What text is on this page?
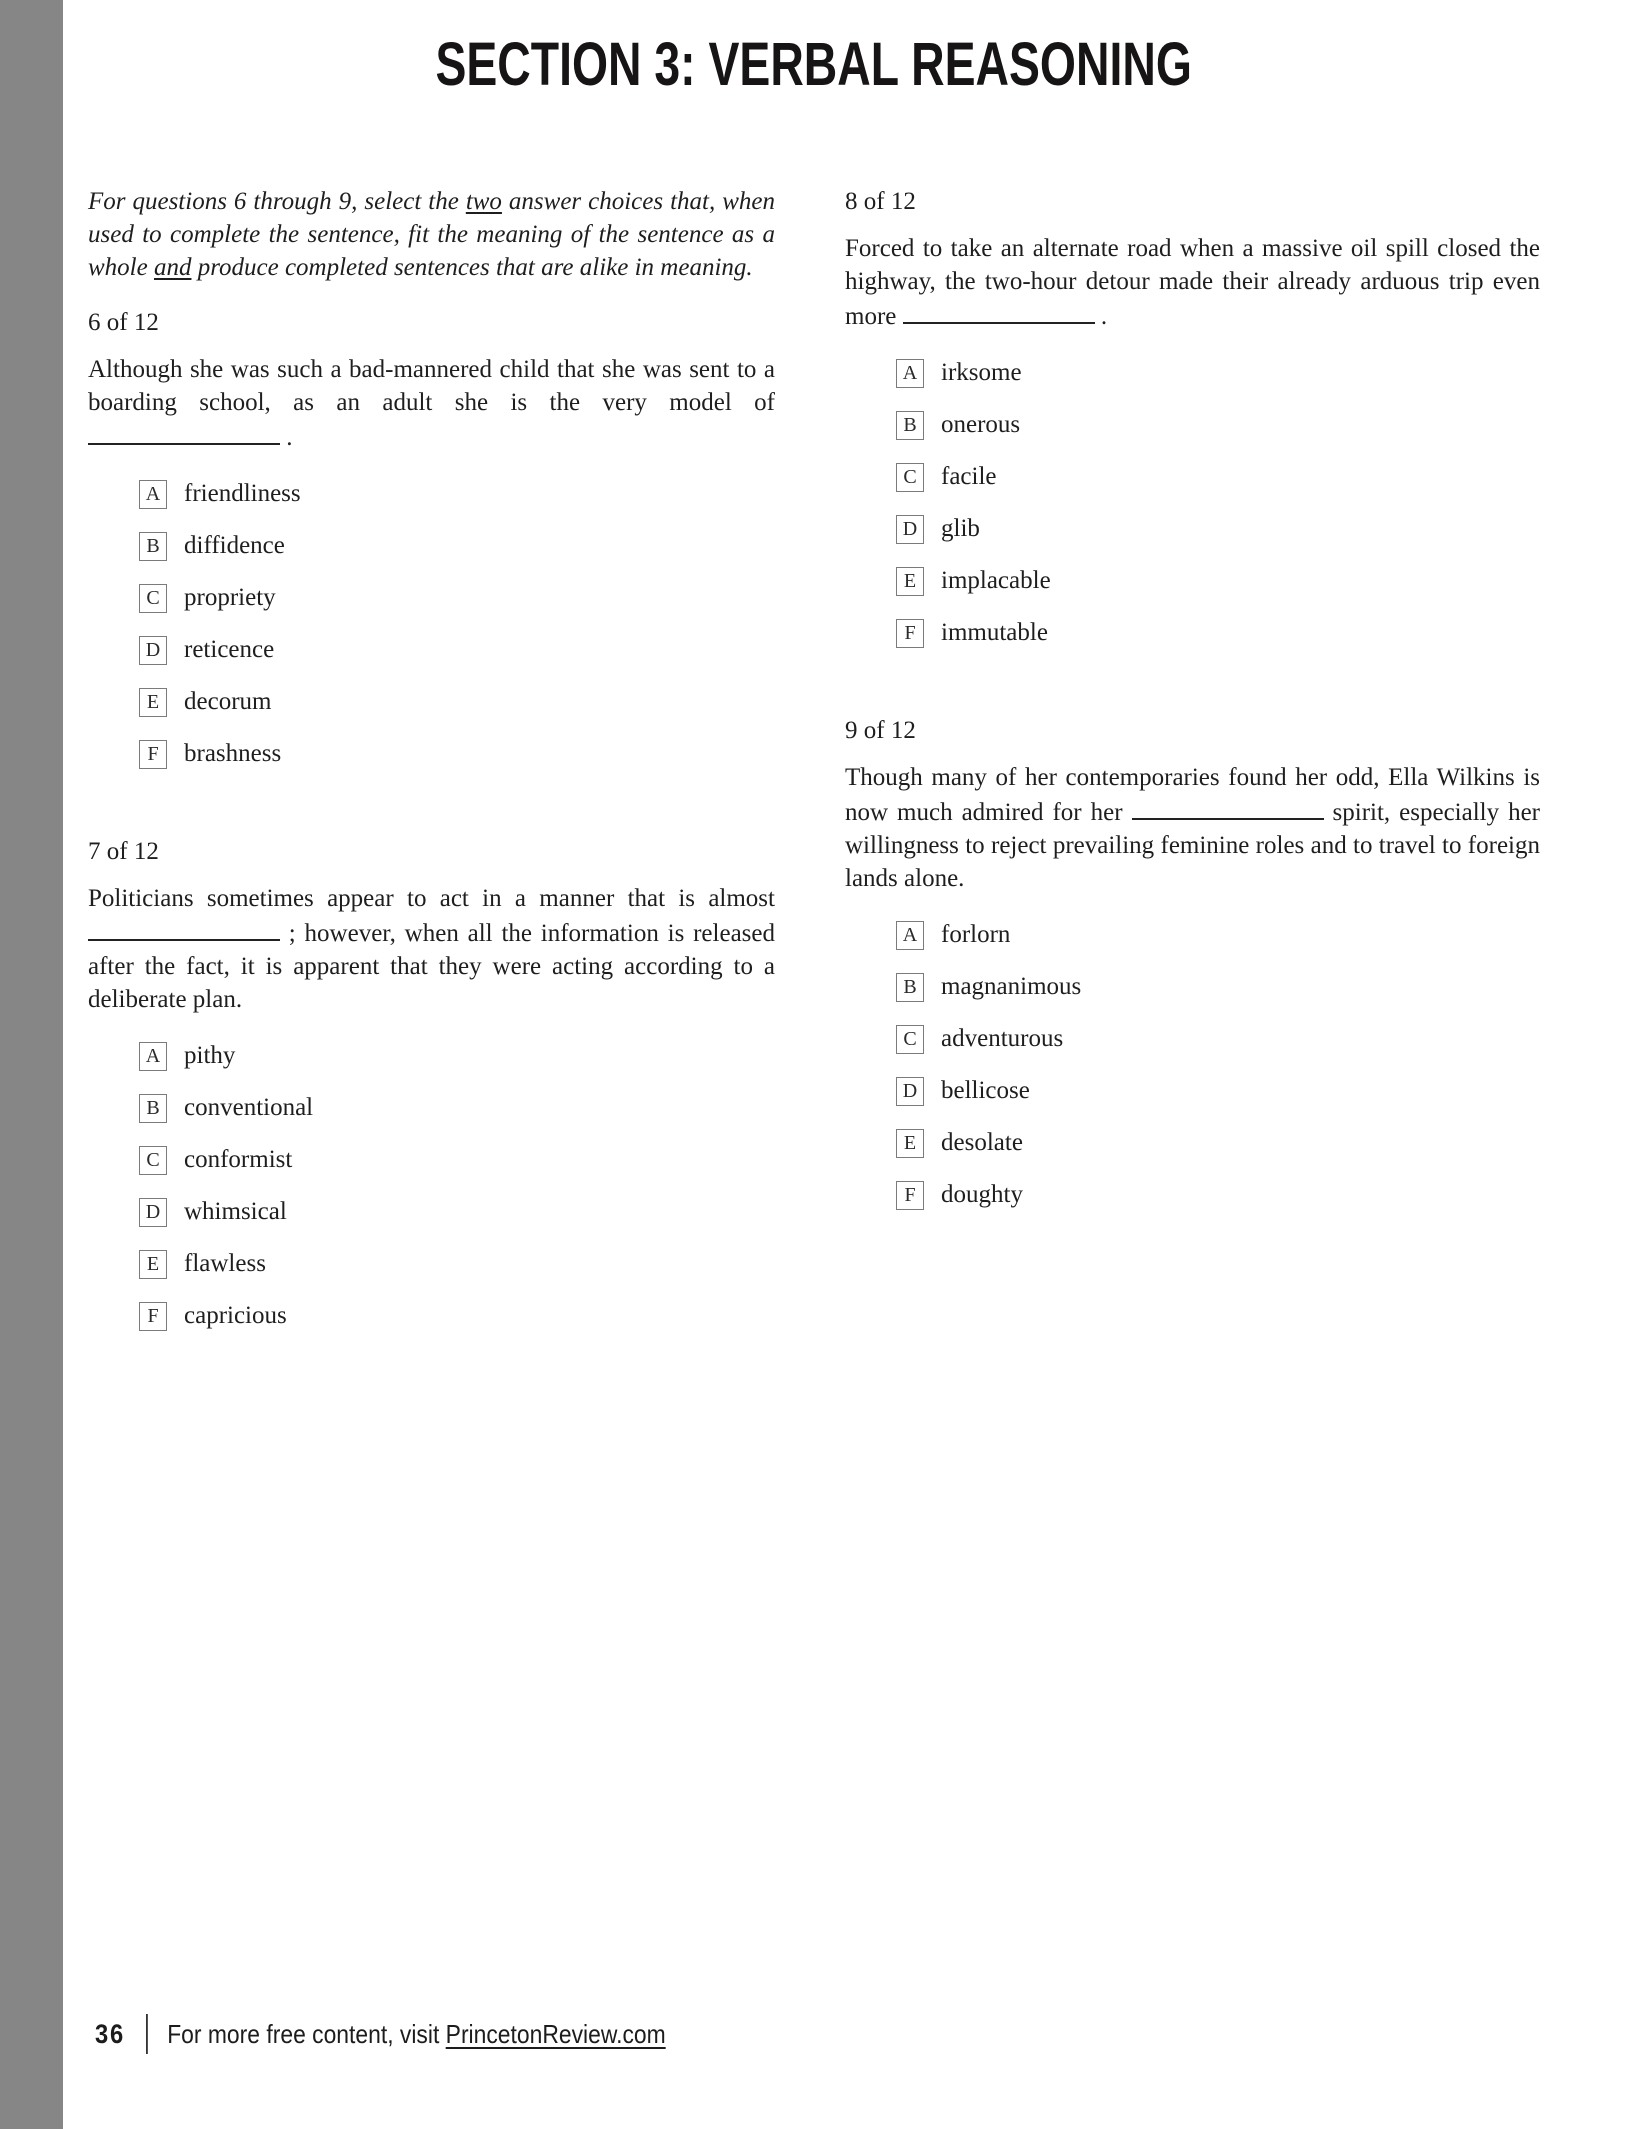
SECTION 3: VERBAL REASONING

For questions 6 through 9, select the two answer choices that, when used to complete the sentence, fit the meaning of the sentence as a whole and produce completed sentences that are alike in meaning.

6 of 12

Although she was such a bad-mannered child that she was sent to a boarding school, as an adult she is the very model of  .

A friendliness
B diffidence
C propriety
D reticence
E decorum
F	brashness
7 of 12

Politicians sometimes appear to act in a manner that is almost  ; however, when all the information is released after the fact, it is apparent that they were acting according to a deliberate plan.

A pithy
B conventional
C conformist
D whimsical
E flawless
F	capricious
8 of 12

Forced to take an alternate road when a massive oil spill closed the highway, the two-hour detour made their already arduous trip even more	.

A irksome
B onerous
C facile
D glib
E implacable
F	immutable
9 of 12

Though many of her contemporaries found her odd, Ella Wilkins is now much admired for her	spirit, especially her willingness to reject prevailing feminine roles and to travel to foreign lands alone.

A forlorn
B magnanimous
C adventurous
D bellicose
E desolate
F	doughty
36 For more free content, visit PrincetonReview.com
